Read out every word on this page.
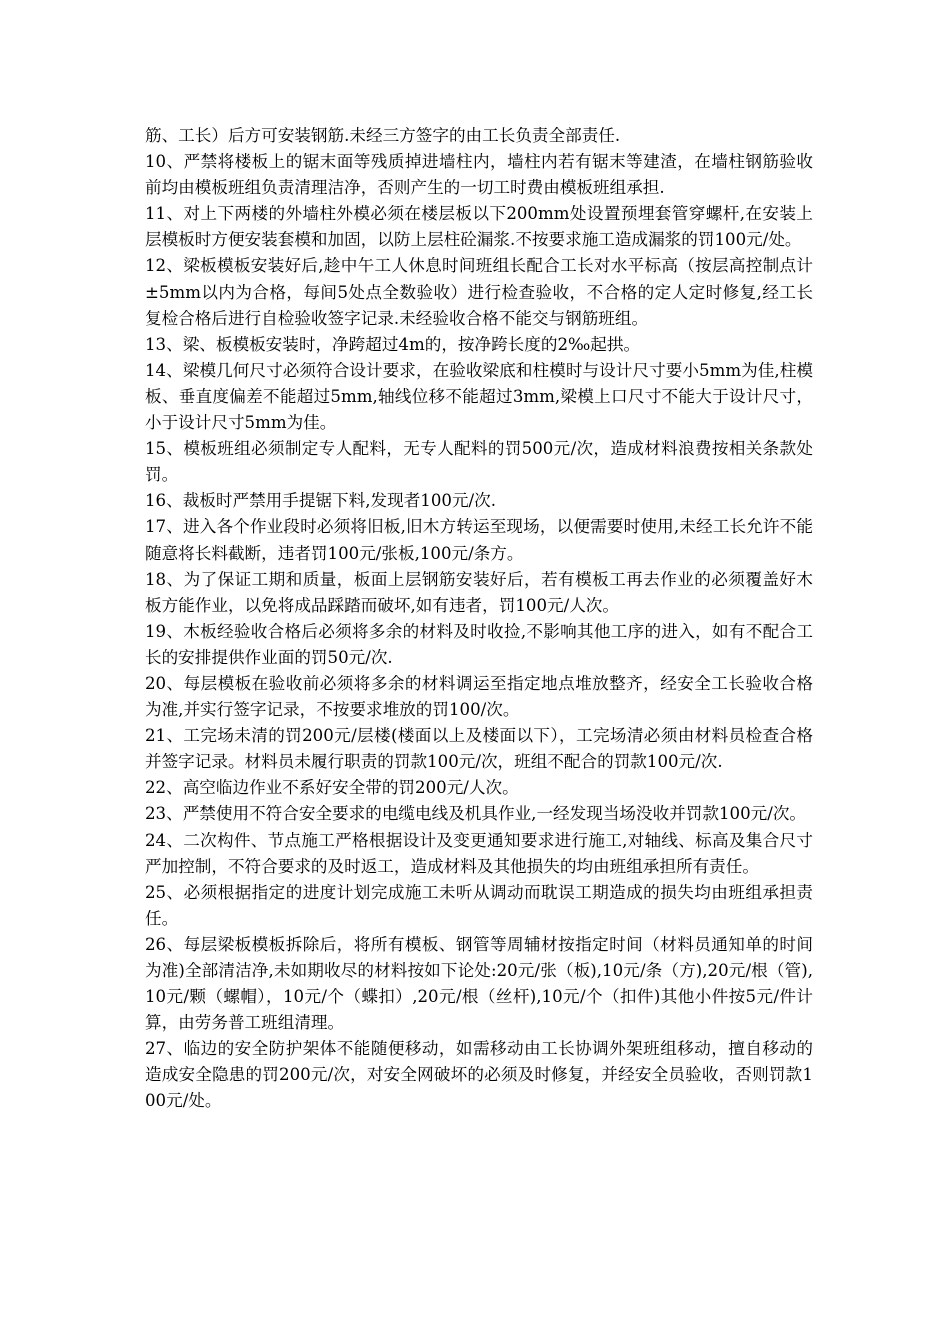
筋、工长）后方可安装钢筋.未经三方签字的由工长负责全部责任.

10、严禁将楼板上的锯末面等残质掉进墙柱内，墙柱内若有锯末等建渣，在墙柱钢筋验收前均由模板班组负责清理洁净，否则产生的一切工时费由模板班组承担.

11、对上下两楼的外墙柱外模必须在楼层板以下200mm处设置预埋套管穿螺杆,在安装上层模板时方便安装套模和加固，以防上层柱砼漏浆.不按要求施工造成漏浆的罚100元/处。

12、梁板模板安装好后,趁中午工人休息时间班组长配合工长对水平标高（按层高控制点计±5mm以内为合格，每间5处点全数验收）进行检查验收，不合格的定人定时修复,经工长复检合格后进行自检验收签字记录.未经验收合格不能交与钢筋班组。

13、梁、板模板安装时，净跨超过4m的，按净跨长度的2‰起拱。

14、梁模几何尺寸必须符合设计要求，在验收梁底和柱模时与设计尺寸要小5mm为佳,柱模板、垂直度偏差不能超过5mm,轴线位移不能超过3mm,梁模上口尺寸不能大于设计尺寸，小于设计尺寸5mm为佳。

15、模板班组必须制定专人配料，无专人配料的罚500元/次，造成材料浪费按相关条款处罚。

16、裁板时严禁用手提锯下料,发现者100元/次.

17、进入各个作业段时必须将旧板,旧木方转运至现场，以便需要时使用,未经工长允许不能随意将长料截断，违者罚100元/张板,100元/条方。

18、为了保证工期和质量，板面上层钢筋安装好后，若有模板工再去作业的必须覆盖好木板方能作业，以免将成品踩踏而破坏,如有违者，罚100元/人次。

19、木板经验收合格后必须将多余的材料及时收捡,不影响其他工序的进入，如有不配合工长的安排提供作业面的罚50元/次.

20、每层模板在验收前必须将多余的材料调运至指定地点堆放整齐，经安全工长验收合格为准,并实行签字记录，不按要求堆放的罚100/次。

21、工完场未清的罚200元/层楼(楼面以上及楼面以下），工完场清必须由材料员检查合格并签字记录。材料员未履行职责的罚款100元/次，班组不配合的罚款100元/次.

22、高空临边作业不系好安全带的罚200元/人次。

23、严禁使用不符合安全要求的电缆电线及机具作业,一经发现当场没收并罚款100元/次。

24、二次构件、节点施工严格根据设计及变更通知要求进行施工,对轴线、标高及集合尺寸严加控制，不符合要求的及时返工，造成材料及其他损失的均由班组承担所有责任。

25、必须根据指定的进度计划完成施工未听从调动而耽误工期造成的损失均由班组承担责任。

26、每层梁板模板拆除后，将所有模板、钢管等周辅材按指定时间（材料员通知单的时间为准)全部清洁净,未如期收尽的材料按如下论处:20元/张（板),10元/条（方),20元/根（管),10元/颗（螺帽），10元/个（蝶扣）,20元/根（丝杆),10元/个（扣件)其他小件按5元/件计算，由劳务普工班组清理。

27、临边的安全防护架体不能随便移动，如需移动由工长协调外架班组移动，擅自移动的造成安全隐患的罚200元/次，对安全网破坏的必须及时修复，并经安全员验收，否则罚款100元/处。
